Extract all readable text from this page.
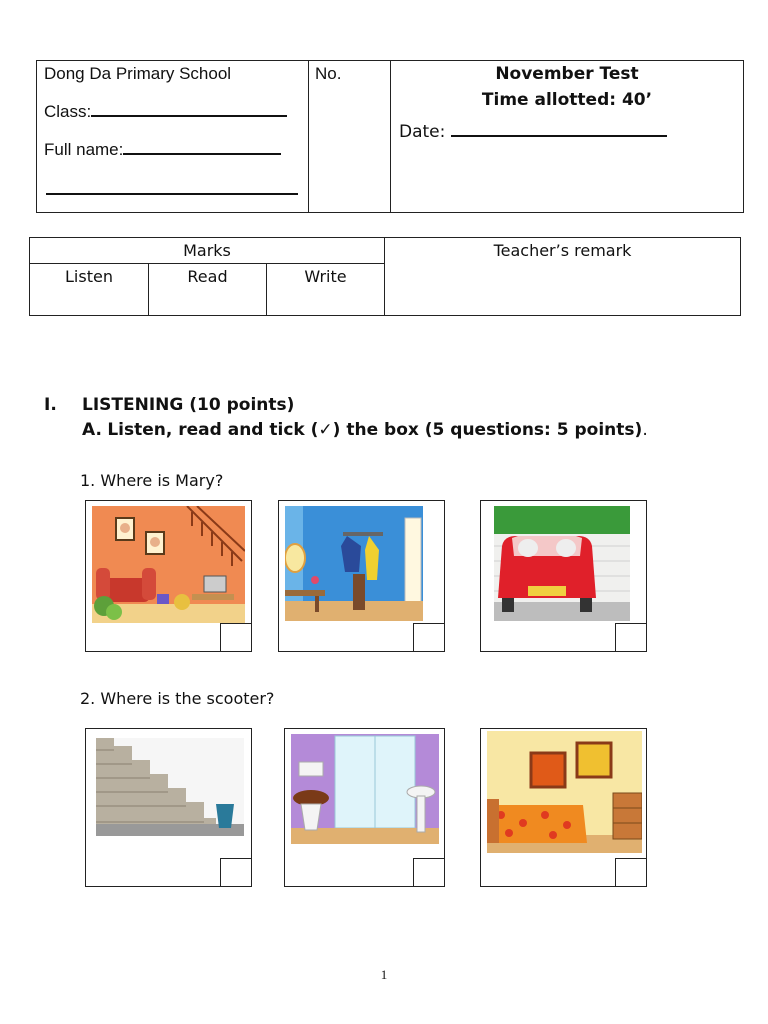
Dong Da Primary School
Class:
Full name:
No.	November Test
Time allotted: 40’
Date:
Marks
Listen	Read	Write
Teacher’s remark
I. LISTENING (10 points)
A. Listen, read and tick (✓) the box (5 questions: 5 points).
1. Where is Mary?
2. Where is the scooter?
1
